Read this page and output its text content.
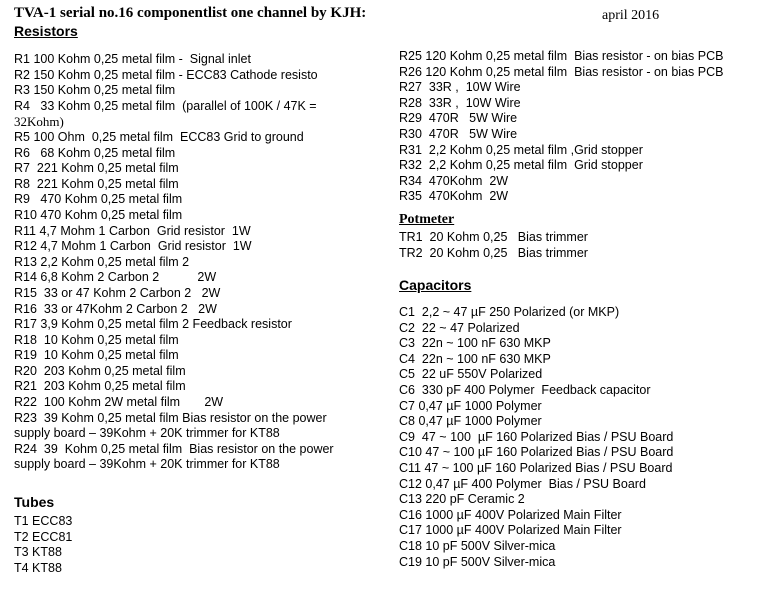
TVA-1 serial no.16 componentlist one channel by KJH:	april 2016
Resistors
R1 100 Kohm 0,25 metal film -  Signal inlet
R2 150 Kohm 0,25 metal film - ECC83 Cathode resisto
R3 150 Kohm 0,25 metal film
R4   33 Kohm 0,25 metal film  (parallel of 100K / 47K =
32Kohm)
R5 100 Ohm  0,25 metal film  ECC83 Grid to ground
R6   68 Kohm 0,25 metal film
R7  221 Kohm 0,25 metal film
R8  221 Kohm 0,25 metal film
R9   470 Kohm 0,25 metal film
R10 470 Kohm 0,25 metal film
R11 4,7 Mohm 1 Carbon  Grid resistor  1W
R12 4,7 Mohm 1 Carbon  Grid resistor  1W
R13 2,2 Kohm 0,25 metal film 2
R14 6,8 Kohm 2 Carbon 2           2W
R15  33 or 47 Kohm 2 Carbon 2   2W
R16  33 or 47Kohm 2 Carbon 2   2W
R17 3,9 Kohm 0,25 metal film 2 Feedback resistor
R18  10 Kohm 0,25 metal film
R19  10 Kohm 0,25 metal film
R20  203 Kohm 0,25 metal film
R21  203 Kohm 0,25 metal film
R22  100 Kohm 2W metal film       2W
R23  39 Kohm 0,25 metal film Bias resistor on the power
supply board – 39Kohm + 20K trimmer for KT88
R24  39  Kohm 0,25 metal film  Bias resistor on the power
supply board – 39Kohm + 20K trimmer for KT88
R25 120 Kohm 0,25 metal film  Bias resistor - on bias PCB
R26 120 Kohm 0,25 metal film  Bias resistor - on bias PCB
R27  33R ,  10W Wire
R28  33R ,  10W Wire
R29  470R   5W Wire
R30  470R   5W Wire
R31  2,2 Kohm 0,25 metal film ,Grid stopper
R32  2,2 Kohm 0,25 metal film  Grid stopper
R34  470Kohm  2W
R35  470Kohm  2W
Potmeter
TR1  20 Kohm 0,25   Bias trimmer
TR2  20 Kohm 0,25   Bias trimmer
Capacitors
C1  2,2 ~ 47 µF 250 Polarized (or MKP)
C2  22 ~ 47 Polarized
C3  22n ~ 100 nF 630 MKP
C4  22n ~ 100 nF 630 MKP
C5  22 uF 550V Polarized
C6  330 pF 400 Polymer  Feedback capacitor
C7 0,47 µF 1000 Polymer
C8 0,47 µF 1000 Polymer
C9  47 ~ 100  µF 160 Polarized Bias / PSU Board
C10 47 ~ 100 µF 160 Polarized Bias / PSU Board
C11 47 ~ 100 µF 160 Polarized Bias / PSU Board
C12 0,47 µF 400 Polymer  Bias / PSU Board
C13 220 pF Ceramic 2
C16 1000 µF 400V Polarized Main Filter
C17 1000 µF 400V Polarized Main Filter
C18 10 pF 500V Silver-mica
C19 10 pF 500V Silver-mica
Tubes
T1 ECC83
T2 ECC81
T3 KT88
T4 KT88
